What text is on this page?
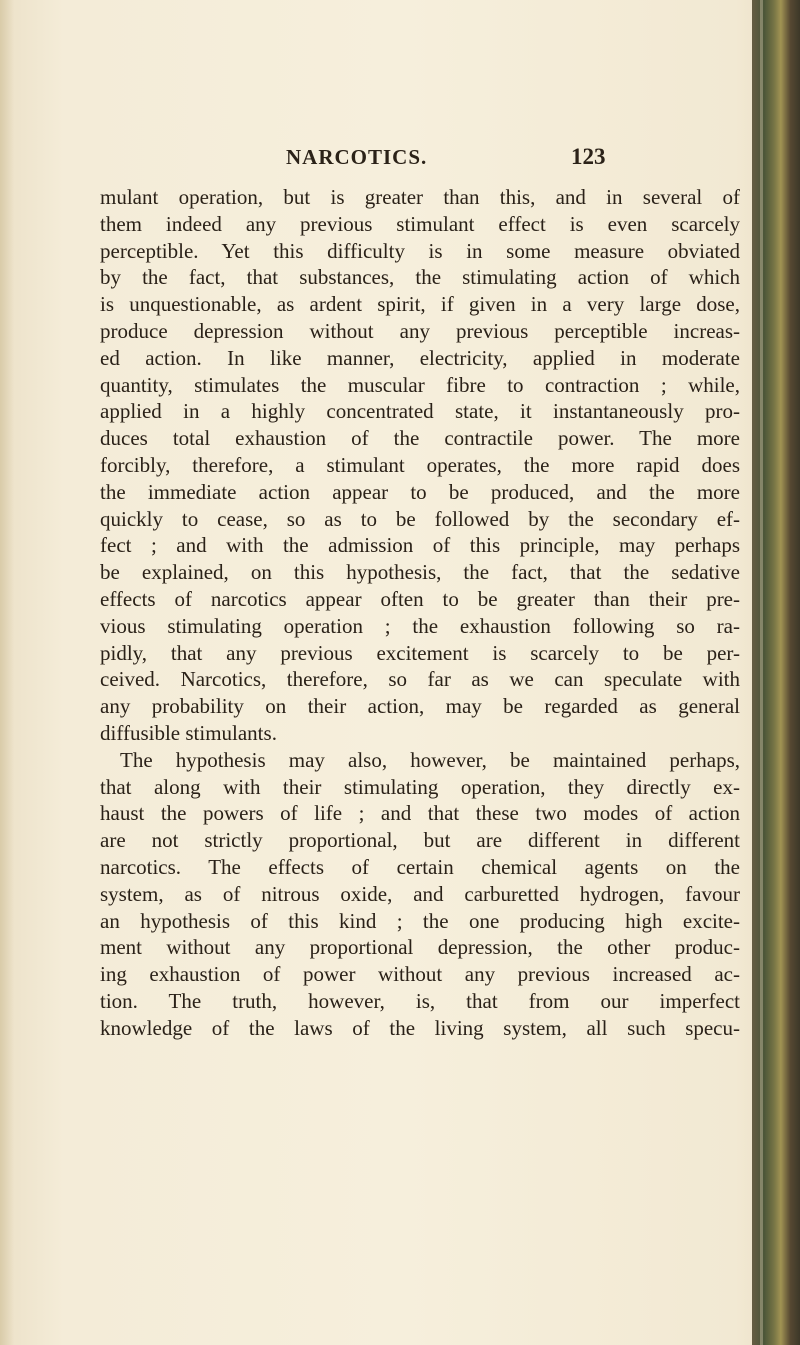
NARCOTICS.	123
mulant operation, but is greater than this, and in several of
them indeed any previous stimulant effect is even scarcely
perceptible. Yet this difficulty is in some measure obviated
by the fact, that substances, the stimulating action of which
is unquestionable, as ardent spirit, if given in a very large dose,
produce depression without any previous perceptible increas-
ed action. In like manner, electricity, applied in moderate
quantity, stimulates the muscular fibre to contraction ; while,
applied in a highly concentrated state, it instantaneously pro-
duces total exhaustion of the contractile power. The more
forcibly, therefore, a stimulant operates, the more rapid does
the immediate action appear to be produced, and the more
quickly to cease, so as to be followed by the secondary ef-
fect ; and with the admission of this principle, may perhaps
be explained, on this hypothesis, the fact, that the sedative
effects of narcotics appear often to be greater than their pre-
vious stimulating operation ; the exhaustion following so ra-
pidly, that any previous excitement is scarcely to be per-
ceived. Narcotics, therefore, so far as we can speculate with
any probability on their action, may be regarded as general
diffusible stimulants.
The hypothesis may also, however, be maintained perhaps,
that along with their stimulating operation, they directly ex-
haust the powers of life ; and that these two modes of action
are not strictly proportional, but are different in different
narcotics. The effects of certain chemical agents on the
system, as of nitrous oxide, and carburetted hydrogen, favour
an hypothesis of this kind ; the one producing high excite-
ment without any proportional depression, the other produc-
ing exhaustion of power without any previous increased ac-
tion. The truth, however, is, that from our imperfect
knowledge of the laws of the living system, all such specu-
